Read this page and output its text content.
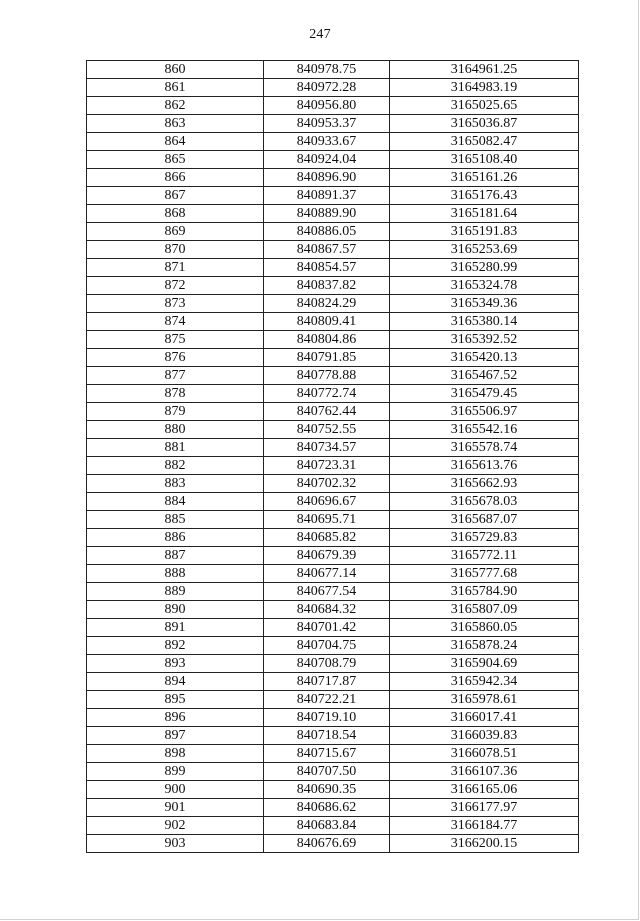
247
860	840978.75	3164961.25
861	840972.28	3164983.19
862	840956.80	3165025.65
863	840953.37	3165036.87
864	840933.67	3165082.47
865	840924.04	3165108.40
866	840896.90	3165161.26
867	840891.37	3165176.43
868	840889.90	3165181.64
869	840886.05	3165191.83
870	840867.57	3165253.69
871	840854.57	3165280.99
872	840837.82	3165324.78
873	840824.29	3165349.36
874	840809.41	3165380.14
875	840804.86	3165392.52
876	840791.85	3165420.13
877	840778.88	3165467.52
878	840772.74	3165479.45
879	840762.44	3165506.97
880	840752.55	3165542.16
881	840734.57	3165578.74
882	840723.31	3165613.76
883	840702.32	3165662.93
884	840696.67	3165678.03
885	840695.71	3165687.07
886	840685.82	3165729.83
887	840679.39	3165772.11
888	840677.14	3165777.68
889	840677.54	3165784.90
890	840684.32	3165807.09
891	840701.42	3165860.05
892	840704.75	3165878.24
893	840708.79	3165904.69
894	840717.87	3165942.34
895	840722.21	3165978.61
896	840719.10	3166017.41
897	840718.54	3166039.83
898	840715.67	3166078.51
899	840707.50	3166107.36
900	840690.35	3166165.06
901	840686.62	3166177.97
902	840683.84	3166184.77
903	840676.69	3166200.15
